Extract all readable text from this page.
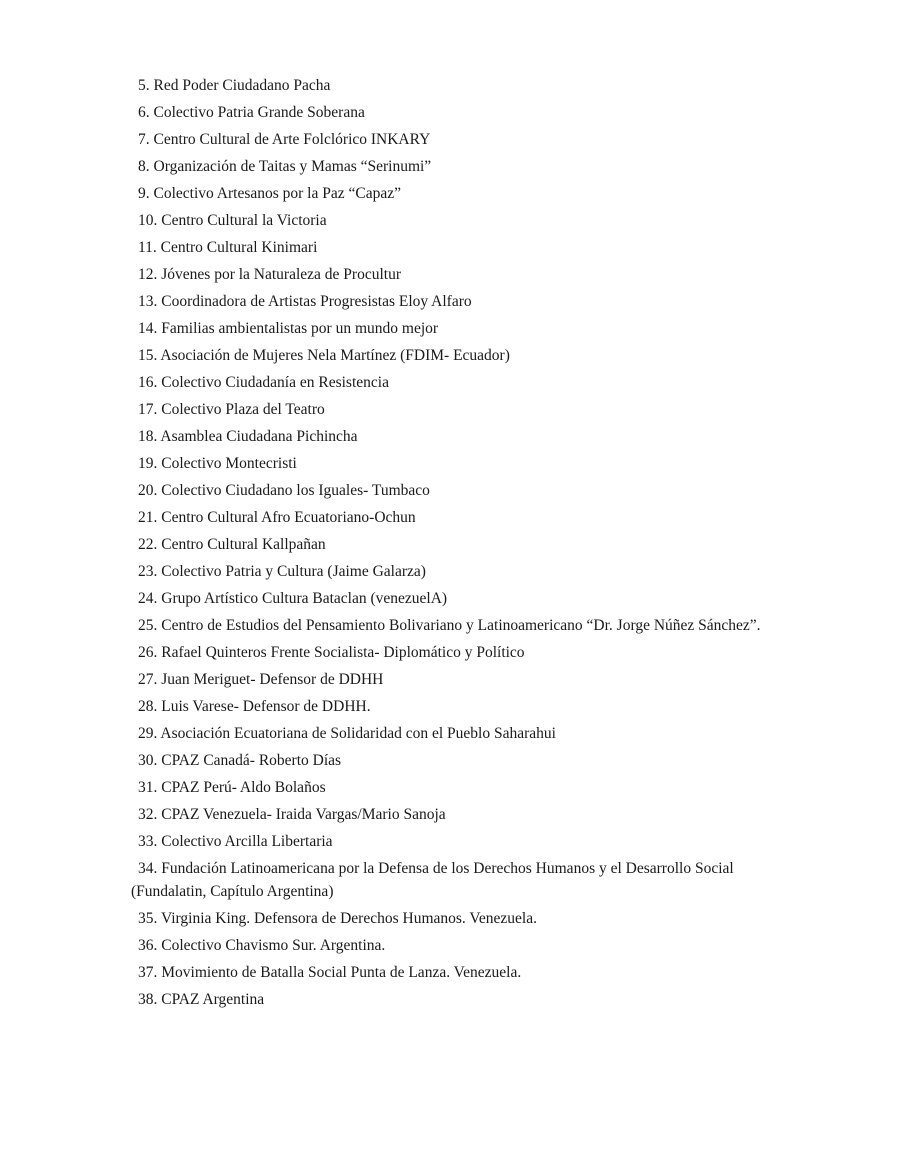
5. Red Poder Ciudadano Pacha
6. Colectivo Patria Grande Soberana
7. Centro Cultural de Arte Folclórico INKARY
8. Organización de Taitas y Mamas “Serinumi”
9. Colectivo Artesanos por la Paz “Capaz”
10. Centro Cultural la Victoria
11. Centro Cultural Kinimari
12. Jóvenes por la Naturaleza de Procultur
13. Coordinadora de Artistas Progresistas Eloy Alfaro
14. Familias ambientalistas por un mundo mejor
15. Asociación de Mujeres Nela Martínez (FDIM- Ecuador)
16. Colectivo Ciudadanía en Resistencia
17. Colectivo Plaza del Teatro
18. Asamblea Ciudadana Pichincha
19. Colectivo Montecristi
20. Colectivo Ciudadano los Iguales- Tumbaco
21. Centro Cultural Afro Ecuatoriano-Ochun
22. Centro Cultural Kallpañan
23. Colectivo Patria y Cultura (Jaime Galarza)
24. Grupo Artístico Cultura Bataclan (venezuelA)
25. Centro de Estudios del Pensamiento Bolivariano y Latinoamericano “Dr. Jorge Núñez Sánchez”.
26. Rafael Quinteros Frente Socialista- Diplomático y Político
27. Juan Meriguet- Defensor de DDHH
28. Luis Varese- Defensor de DDHH.
29. Asociación Ecuatoriana de Solidaridad con el Pueblo Saharahui
30. CPAZ Canadá- Roberto Días
31. CPAZ Perú- Aldo Bolaños
32. CPAZ Venezuela- Iraida Vargas/Mario Sanoja
33. Colectivo Arcilla Libertaria
34. Fundación Latinoamericana por la Defensa de los Derechos Humanos y el Desarrollo Social (Fundalatin, Capítulo Argentina)
35. Virginia King. Defensora de Derechos Humanos. Venezuela.
36. Colectivo Chavismo Sur. Argentina.
37. Movimiento de Batalla Social Punta de Lanza. Venezuela.
38. CPAZ Argentina
